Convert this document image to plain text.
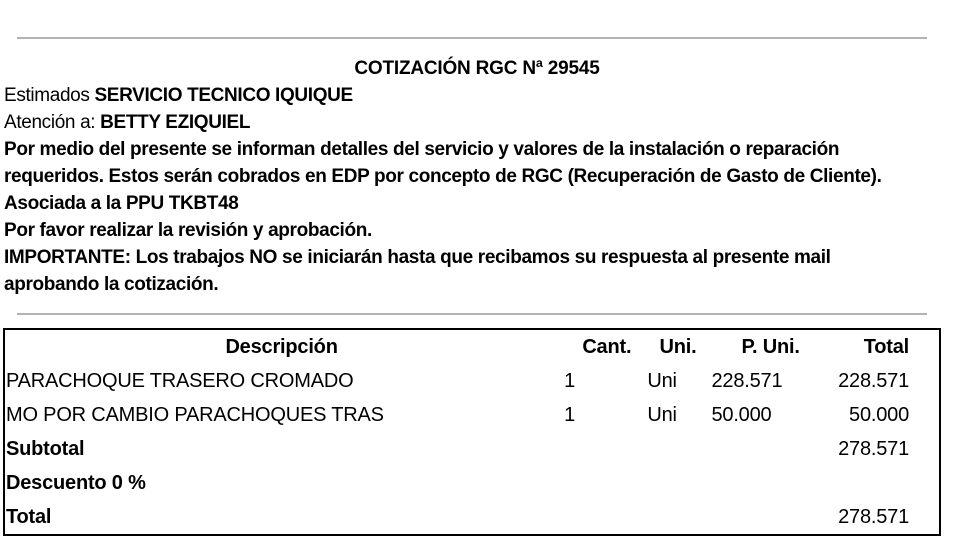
COTIZACIÓN RGC Nª 29545
Estimados SERVICIO TECNICO IQUIQUE
Atención a: BETTY EZIQUIEL
Por medio del presente se informan detalles del servicio y valores de la instalación o reparación
requeridos. Estos serán cobrados en EDP por concepto de RGC (Recuperación de Gasto de Cliente).
Asociada a la PPU TKBT48
Por favor realizar la revisión y aprobación.
IMPORTANTE: Los trabajos NO se iniciarán hasta que recibamos su respuesta al presente mail
aprobando la cotización.
Descripción	Cant.	Uni.	P. Uni.	Total
PARACHOQUE TRASERO CROMADO	1	Uni	228.571	228.571
MO POR CAMBIO PARACHOQUES TRAS	1	Uni	50.000	50.000
Subtotal				278.571
Descuento 0 %				
Total				278.571
